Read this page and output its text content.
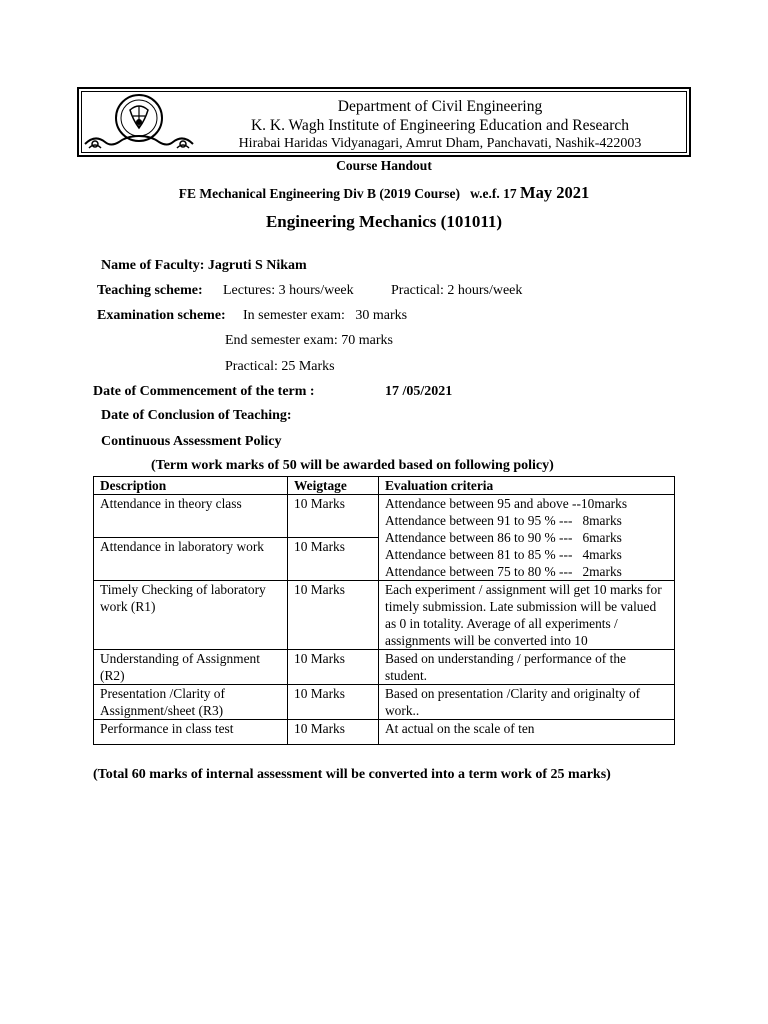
Department of Civil Engineering
K. K. Wagh Institute of Engineering Education and Research
Hirabai Haridas Vidyanagari, Amrut Dham, Panchavati, Nashik-422003
Course Handout
FE Mechanical Engineering Div B (2019 Course)   w.e.f. 17 May 2021
Engineering Mechanics (101011)
Name of Faculty: Jagruti S Nikam
Teaching scheme: Lectures: 3 hours/week	Practical: 2 hours/week
Examination scheme: In semester exam:   30 marks
End semester exam: 70 marks
Practical: 25 Marks
Date of Commencement of the term :	17 /05/2021
Date of Conclusion of Teaching:
Continuous Assessment Policy
(Term work marks of 50 will be awarded based on following policy)
Description	Weigtage	Evaluation criteria
Attendance in theory class	10 Marks	Attendance between 95 and above --10marks
Attendance between 91 to 95 % ---   8marks
Attendance between 86 to 90 % ---   6marks
Attendance between 81 to 85 % ---   4marks
Attendance between 75 to 80 % ---   2marks

Attendance in laboratory work	10 Marks	
Timely Checking of laboratory work (R1)	10 Marks	Each experiment / assignment will get 10 marks for timely submission. Late submission will be valued as 0 in totality. Average of all experiments / assignments will be converted into 10
Understanding of Assignment (R2)	10 Marks	Based on understanding / performance of the student.
Presentation /Clarity of Assignment/sheet (R3)	10 Marks	Based on presentation /Clarity and originalty of work..
Performance in class test	10 Marks	At actual on the scale of ten
(Total 60 marks of internal assessment will be converted into a term work of 25 marks)
